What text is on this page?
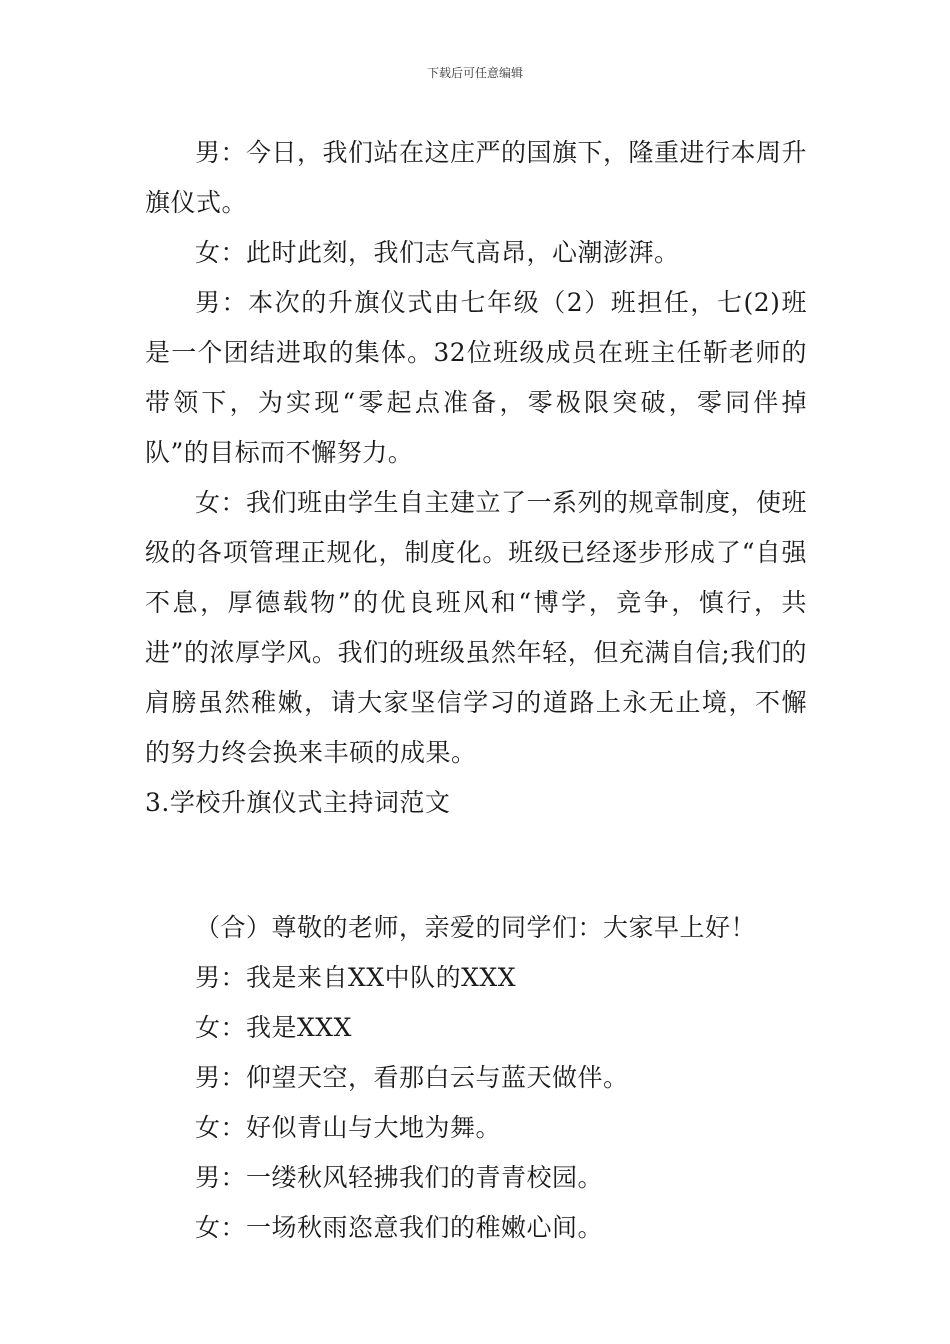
下载后可任意编辑

男：今日，我们站在这庄严的国旗下，隆重进行本周升旗仪式。

女：此时此刻，我们志气高昂，心潮澎湃。

男：本次的升旗仪式由七年级（2）班担任，七(2)班是一个团结进取的集体。32位班级成员在班主任靳老师的带领下，为实现“零起点准备，零极限突破，零同伴掉队”的目标而不懈努力。

女：我们班由学生自主建立了一系列的规章制度，使班级的各项管理正规化，制度化。班级已经逐步形成了“自强不息，厚德载物”的优良班风和“博学，竞争，慎行，共进”的浓厚学风。我们的班级虽然年轻，但充满自信;我们的肩膀虽然稚嫩，请大家坚信学习的道路上永无止境，不懈的努力终会换来丰硕的成果。

3.学校升旗仪式主持词范文

（合）尊敬的老师，亲爱的同学们：大家早上好！

男：我是来自XX中队的XXX

女：我是XXX

男：仰望天空，看那白云与蓝天做伴。

女：好似青山与大地为舞。

男：一缕秋风轻拂我们的青青校园。

女：一场秋雨恣意我们的稚嫩心间。
